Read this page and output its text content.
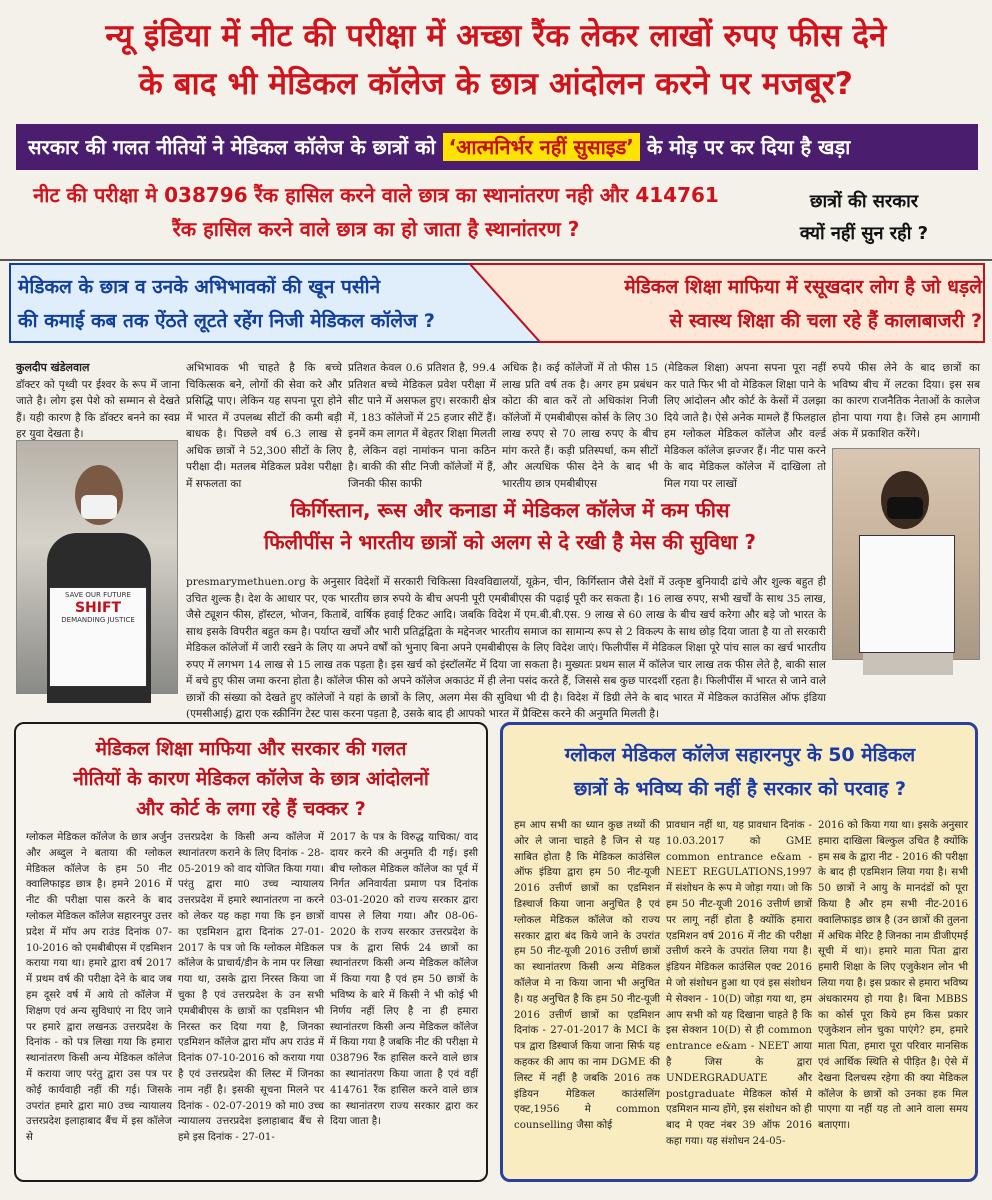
न्यू इंडिया में नीट की परीक्षा में अच्छा रैंक लेकर लाखों रुपए फीस देने
के बाद भी मेडिकल कॉलेज के छात्र आंदोलन करने पर मजबूर?
सरकार की गलत नीतियों ने मेडिकल कॉलेज के छात्रों को ‘आत्मनिर्भर नहीं सुसाइड’ के मोड़ पर कर दिया है खड़ा
नीट की परीक्षा मे 038796 रैंक हासिल करने वाले छात्र का स्थानांतरण नही और 414761
रैंक हासिल करने वाले छात्र का हो जाता है स्थानांतरण ?
छात्रों की सरकार
क्यों नहीं सुन रही ?
मेडिकल के छात्र व उनके अभिभावकों की खून पसीने
की कमाई कब तक ऐंठते लूटते रहेंग निजी मेडिकल कॉलेज ?
मेडिकल शिक्षा माफिया में रसूखदार लोग है जो धड़ले
से स्वास्थ शिक्षा की चला रहे हैं कालाबाजरी ?
कुलदीप खंडेलवाल
डॉक्टर को पृथ्वी पर ईश्वर के रूप में जाना जाते है। लोग इस पेशे को सम्मान से देखते हैं। यही कारण है कि डॉक्टर बनने का स्वप्न हर युवा देखता है।
अभिभावक भी चाहते है कि बच्चे चिकित्सक बने, लोगों की सेवा करे और प्रसिद्धि पाए। लेकिन यह सपना पूरा होने में भारत में उपलब्ध सीटों की कमी बड़ी बाधक है। पिछले वर्ष 6.3 लाख से अधिक छात्रों ने 52,300 सीटों के लिए परीक्षा दी। मतलब मेडिकल प्रवेश परीक्षा में सफलता का
प्रतिशत केवल 0.6 प्रतिशत है, 99.4 प्रतिशत बच्चे मेडिकल प्रवेश परीक्षा में सीट पाने में असफल हुए। सरकारी क्षेत्र में, 183 कॉलेजों में 25 हजार सीटें हैं। इनमें कम लागत में बेहतर शिक्षा मिलती है, लेकिन वहां नामांकन पाना कठिन है। बाकी की सीट निजी कॉलेजों में हैं, जिनकी फीस काफी
अधिक है। कई कॉलेजों में तो फीस 15 लाख प्रति वर्ष तक है। अगर हम प्रबंधन कोटा की बात करें तो अधिकांश निजी कॉलेजों में एमबीबीएस कोर्स के लिए 30 लाख रुपए से 70 लाख रुपए के बीच मांग करते हैं। कड़ी प्रतिस्पर्धा, कम सीटों और अत्यधिक फीस देने के बाद भी भारतीय छात्र एमबीबीएस
(मेडिकल शिक्षा) अपना सपना पूरा नहीं कर पाते फिर भी वो मेडिकल शिक्षा पाने के लिए आंदोलन और कोर्ट के केसों में उलझा दिये जाते है। ऐसे अनेक मामले हैं फिलहाल हम ग्लोकल मेडिकल कॉलेज और वर्ल्ड मेडिकल कॉलेज झज्जर हैं। नीट पास करने के बाद मेडिकल कॉलेज में दाखिला तो मिल गया पर लाखों
रुपये फीस लेने के बाद छात्रों का भविष्य बीच में लटका दिया। इस सब का कारण राजनैतिक नेताओं के कालेज होना पाया गया है। जिसे हम आगामी अंक में प्रकाशित करेंगे।
SAVE OUR FUTURE
SHIFT
DEMANDING JUSTICE
किर्गिस्तान, रूस और कनाडा में मेडिकल कॉलेज में कम फीस
फिलीपींस ने भारतीय छात्रों को अलग से दे रखी है मेस की सुविधा ?
presmarymethuen.org के अनुसार विदेशों में सरकारी चिकित्सा विश्वविद्यालयों, यूक्रेन, चीन, किर्गिस्तान जैसे देशों में उत्कृष्ट बुनियादी ढांचे और शुल्क बहुत ही उचित शुल्क है। देश के आधार पर, एक भारतीय छात्र रुपये के बीच अपनी पूरी एमबीबीएस की पढ़ाई पूरी कर सकता है। 16 लाख रुपए, सभी खर्चों के साथ 35 लाख, जैसे ट्यूशन फीस, हॉस्टल, भोजन, किताबें, वार्षिक हवाई टिकट आदि। जबकि विदेश में एम.बी.बी.एस. 9 लाख से 60 लाख के बीच खर्च करेगा और बड़े जो भारत के साथ इसके विपरीत बहुत कम है। पर्याप्त खर्चों और भारी प्रतिद्वंद्विता के मद्देनजर भारतीय समाज का सामान्य रूप से 2 विकल्प के साथ छोड़ दिया जाता है या तो सरकारी मेडिकल कॉलेजों में जारी रखने के लिए या अपने वर्षों को भुनाए बिना अपने एमबीबीएस के लिए विदेश जाएं। फिलीपींस में मेडिकल शिक्षा पूरे पांच साल का खर्च भारतीय रुपए में लगभग 14 लाख से 15 लाख तक पड़ता है। इस खर्च को इंस्टॉलमेंट में दिया जा सकता है। मुख्यतः प्रथम साल में कॉलेज चार लाख तक फीस लेते है, बाकी साल में बचे हुए फीस जमा करना होता है। कॉलेज फीस को अपने कॉलेज अकाउंट में ही लेना पसंद करते हैं, जिससे सब कुछ पारदर्शी रहता है। फिलीपींस में भारत से जाने वाले छात्रों की संख्या को देखते हुए कॉलेजों ने यहां के छात्रों के लिए, अलग मेस की सुविधा भी दी है। विदेश में डिग्री लेने के बाद भारत में मेडिकल काउंसिल ऑफ इंडिया (एमसीआई) द्वारा एक स्क्रीनिंग टेस्ट पास करना पड़ता है, उसके बाद ही आपको भारत में प्रैक्टिस करने की अनुमति मिलती है।
मेडिकल शिक्षा माफिया और सरकार की गलत
नीतियों के कारण मेडिकल कॉलेज के छात्र आंदोलनों
और कोर्ट के लगा रहे हैं चक्कर ?
ग्लोकल मेडिकल कॉलेज के छात्र अर्जुन और अब्दुल ने बताया की ग्लोकल मेडिकल कॉलेज के हम 50 नीट क्वालिफाइड छात्र है। हमने 2016 में नीट की परीक्षा पास करने के बाद ग्लोकल मेडिकल कॉलेज सहारनपुर उत्तर प्रदेश में मॉप अप राउंड दिनांक 07-10-2016 को एमबीबीएस में एडमिशन कराया गया था। हमारे द्वारा वर्ष 2017 में प्रथम वर्ष की परीक्षा देने के बाद जब हम दूसरे वर्ष में आये तो कॉलेज में शिक्षण एवं अन्य सुविधाएं ना दिए जाने पर हमारे द्वारा लखनऊ उत्तरप्रदेश के दिनांक - को पत्र लिखा गया कि हमारा स्थानांतरण किसी अन्य मेडिकल कॉलेज में कराया जाए परंतु द्वारा उस पत्र पर कोई कार्यवाही नहीं की गई। जिसके उपरांत हमारे द्वारा मा0 उच्च न्यायालय उत्तरप्रदेश इलाहाबाद बैंच में इस कॉलेज से
उत्तरप्रदेश के किसी अन्य कॉलेज में स्थानांतरण कराने के लिए दिनांक - 28-05-2019 को वाद योजित किया गया। परंतु द्वारा मा0 उच्च न्यायालय उत्तरप्रदेश में हमारे स्थानांतरण ना करने को लेकर यह कहा गया कि इन छात्रों का एडमिशन द्वारा दिनांक 27-01-2017 के पत्र जो कि ग्लोकल मेडिकल कॉलेज के प्राचार्य/डीन के नाम पर लिखा गया था, उसके द्वारा निरस्त किया जा चुका है एवं उत्तरप्रदेश के उन सभी एमबीबीएस के छात्रों का एडमिशन भी निरस्त कर दिया गया है, जिनका एडमिशन कॉलेज द्वारा मॉप अप राउंड में दिनांक 07-10-2016 को कराया गया है एवं उत्तरप्रदेश की लिस्ट में जिनका नाम नहीं है। इसकी सूचना मिलने पर दिनांक - 02-07-2019 को मा0 उच्च न्यायालय उत्तरप्रदेश इलाहाबाद बैंच से हमे इस दिनांक - 27-01-
2017 के पत्र के विरुद्ध याचिका/ वाद दायर करने की अनुमति दी गई। इसी बीच ग्लोकल मेडिकल कॉलेज का पूर्व में निर्गत अनिवार्यता प्रमाण पत्र दिनांक 03-01-2020 को राज्य सरकार द्वारा वापस ले लिया गया। और 08-06-2020 के राज्य सरकार उत्तरप्रदेश के पत्र के द्वारा सिर्फ 24 छात्रों का स्थानांतरण किसी अन्य मेडिकल कॉलेज में किया गया है एवं हम 50 छात्रों के भविष्य के बारे में किसी ने भी कोई भी निर्णय नहीं लिए है ना ही हमारा स्थानांतरण किसी अन्य मेडिकल कॉलेज में किया गया है जबकि नीट की परीक्षा मे 038796 रैंक हासिल करने वाले छात्र का स्थानांतरण किया जाता है एवं वहीं 414761 रैंक हासिल करने वाले छात्र का स्थानांतरण राज्य सरकार द्वारा कर दिया जाता है।
ग्लोकल मेडिकल कॉलेज सहारनपुर के 50 मेडिकल
छात्रों के भविष्य की नहीं है सरकार को परवाह ?
हम आप सभी का ध्यान कुछ तथ्यों की ओर ले जाना चाहते है जिन से यह साबित होता है कि मेडिकल काउंसिल ऑफ इंडिया द्वारा हम 50 नीट-यूजी 2016 उत्तीर्ण छात्रों का एडमिशन डिस्चार्ज किया जाना अनुचित है एवं ग्लोकल मेडिकल कॉलेज को राज्य सरकार द्वारा बंद किये जाने के उपरांत हम 50 नीट-यूजी 2016 उत्तीर्ण छात्रों का स्थानांतरण किसी अन्य मेडिकल कॉलेज मे ना किया जाना भी अनुचित है। यह अनुचित है कि हम 50 नीट-यूजी 2016 उत्तीर्ण छात्रों का एडमिशन दिनांक - 27-01-2017 के MCI के पत्र द्वारा डिस्चार्ज किया जाना सिर्फ यह कहकर की आप का नाम DGME की लिस्ट में नहीं है जबकि 2016 तक इंडियन मेडिकल काउंसलिंग एक्ट,1956 मे common counselling जैसा कोई
प्रावधान नहीं था, यह प्रावधान दिनांक - 10.03.2017 को GME common entrance e&am - NEET REGULATIONS,1997 में संशोधन के रूप मे जोड़ा गया। जो कि हम 50 नीट-यूजी 2016 उत्तीर्ण छात्रों पर लागू नहीं होता है क्योंकि हमारा एडमिशन वर्ष 2016 में नीट की परीक्षा उत्तीर्ण करने के उपरांत लिया गया है। इंडियन मेडिकल काउंसिल एक्ट 2016 मे जो संशोधन हुआ था एवं इस संशोधन मे सेक्शन - 10(D) जोड़ा गया था, हम आप सभी को यह दिखाना चाहते है कि इस सेक्शन 10(D) से ही common entrance e&am - NEET आया है जिस के द्वारा UNDERGRADUATE और postgraduate मेडिकल कोर्स मे एडमिशन मान्य होंगे, इस संशोधन को ही बाद मे एक्ट नंबर 39 ऑफ 2016 कहा गया। यह संशोधन 24-05-
2016 को किया गया था। इसके अनुसार हमारा दाखिला बिल्कुल उचित है क्योंकि हम सब के द्वारा नीट - 2016 की परीक्षा के बाद ही एडमिशन लिया गया है। सभी 50 छात्रों ने आयु के मानदंडों को पूरा किया है और हम सभी नीट-2016 क्वालिफाइड छात्र है (उन छात्रों की तुलना में अधिक मेरिट है जिनका नाम डीजीएमई सूची में था)। हमारे माता पिता द्वारा हमारी शिक्षा के लिए एजुकेशन लोन भी लिया गया है। इस प्रकार से हमारा भविष्य अंधकारमय हो गया है। बिना MBBS का कोर्स पूरा किये हम किस प्रकार एजुकेशन लोन चुका पाएंगे? हम, हमारे माता पिता, हमारा पूरा परिवार मानसिक एवं आर्थिक स्थिति से पीड़ित है। ऐसे में देखना दिलचस्प रहेगा की क्या मेडिकल कॉलेज के छात्रों को उनका हक मिल पाएगा या नहीं यह तो आने वाला समय बताएगा।
